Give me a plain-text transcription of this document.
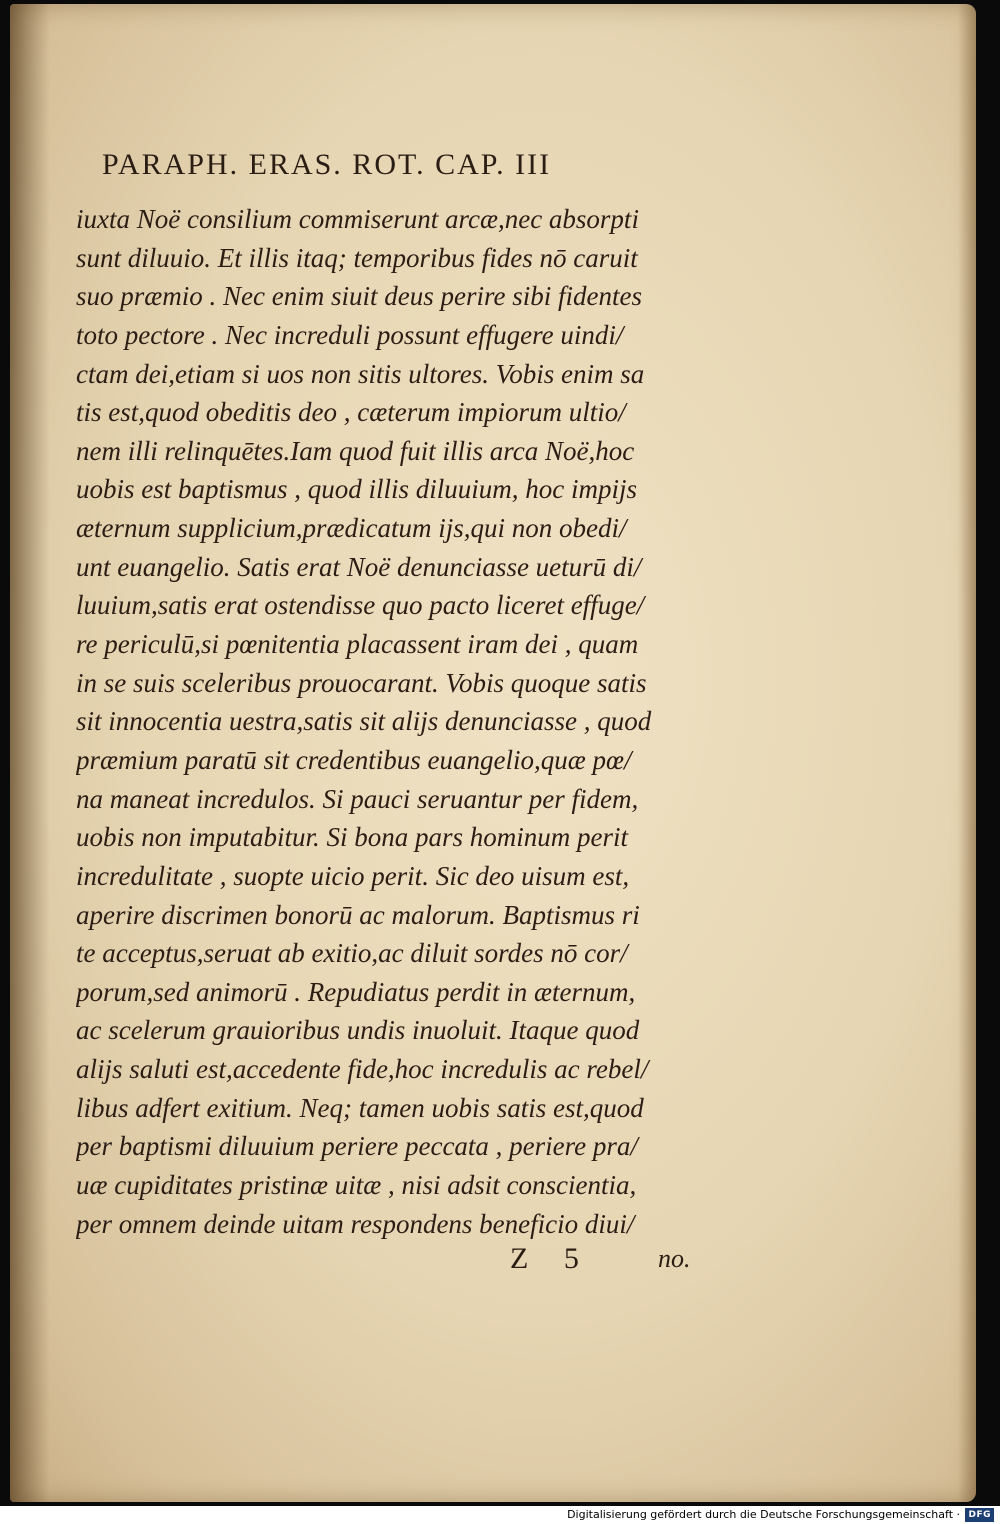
PARAPH. ERAS. ROT. CAP. III
iuxta Noë consilium commiserunt arcæ,nec absorpti
sunt diluuio. Et illis itaq; temporibus fides nō caruit
suo præmio . Nec enim siuit deus perire sibi fidentes
toto pectore . Nec increduli possunt effugere uindi/
ctam dei,etiam si uos non sitis ultores. Vobis enim sa
tis est,quod obeditis deo , cæterum impiorum ultio/
nem illi relinquētes.Iam quod fuit illis arca Noë,hoc
uobis est baptismus , quod illis diluuium, hoc impijs
æternum supplicium,prædicatum ijs,qui non obedi/
unt euangelio. Satis erat Noë denunciasse ueturū di/
luuium,satis erat ostendisse quo pacto liceret effuge/
re periculū,si pœnitentia placassent iram dei , quam
in se suis sceleribus prouocarant. Vobis quoque satis
sit innocentia uestra,satis sit alijs denunciasse , quod
præmium paratū sit credentibus euangelio,quæ pœ/
na maneat incredulos. Si pauci seruantur per fidem,
uobis non imputabitur. Si bona pars hominum perit
incredulitate , suopte uicio perit. Sic deo uisum est,
aperire discrimen bonorū ac malorum. Baptismus ri
te acceptus,seruat ab exitio,ac diluit sordes nō cor/
porum,sed animorū . Repudiatus perdit in æternum,
ac scelerum grauioribus undis inuoluit. Itaque quod
alijs saluti est,accedente fide,hoc incredulis ac rebel/
libus adfert exitium. Neq; tamen uobis satis est,quod
per baptismi diluuium periere peccata , periere pra/
uæ cupiditates pristinæ uitæ , nisi adsit conscientia,
per omnem deinde uitam respondens beneficio diui/
Z 5	no.
Digitalisierung gefördert durch die Deutsche Forschungsgemeinschaft · DFG
